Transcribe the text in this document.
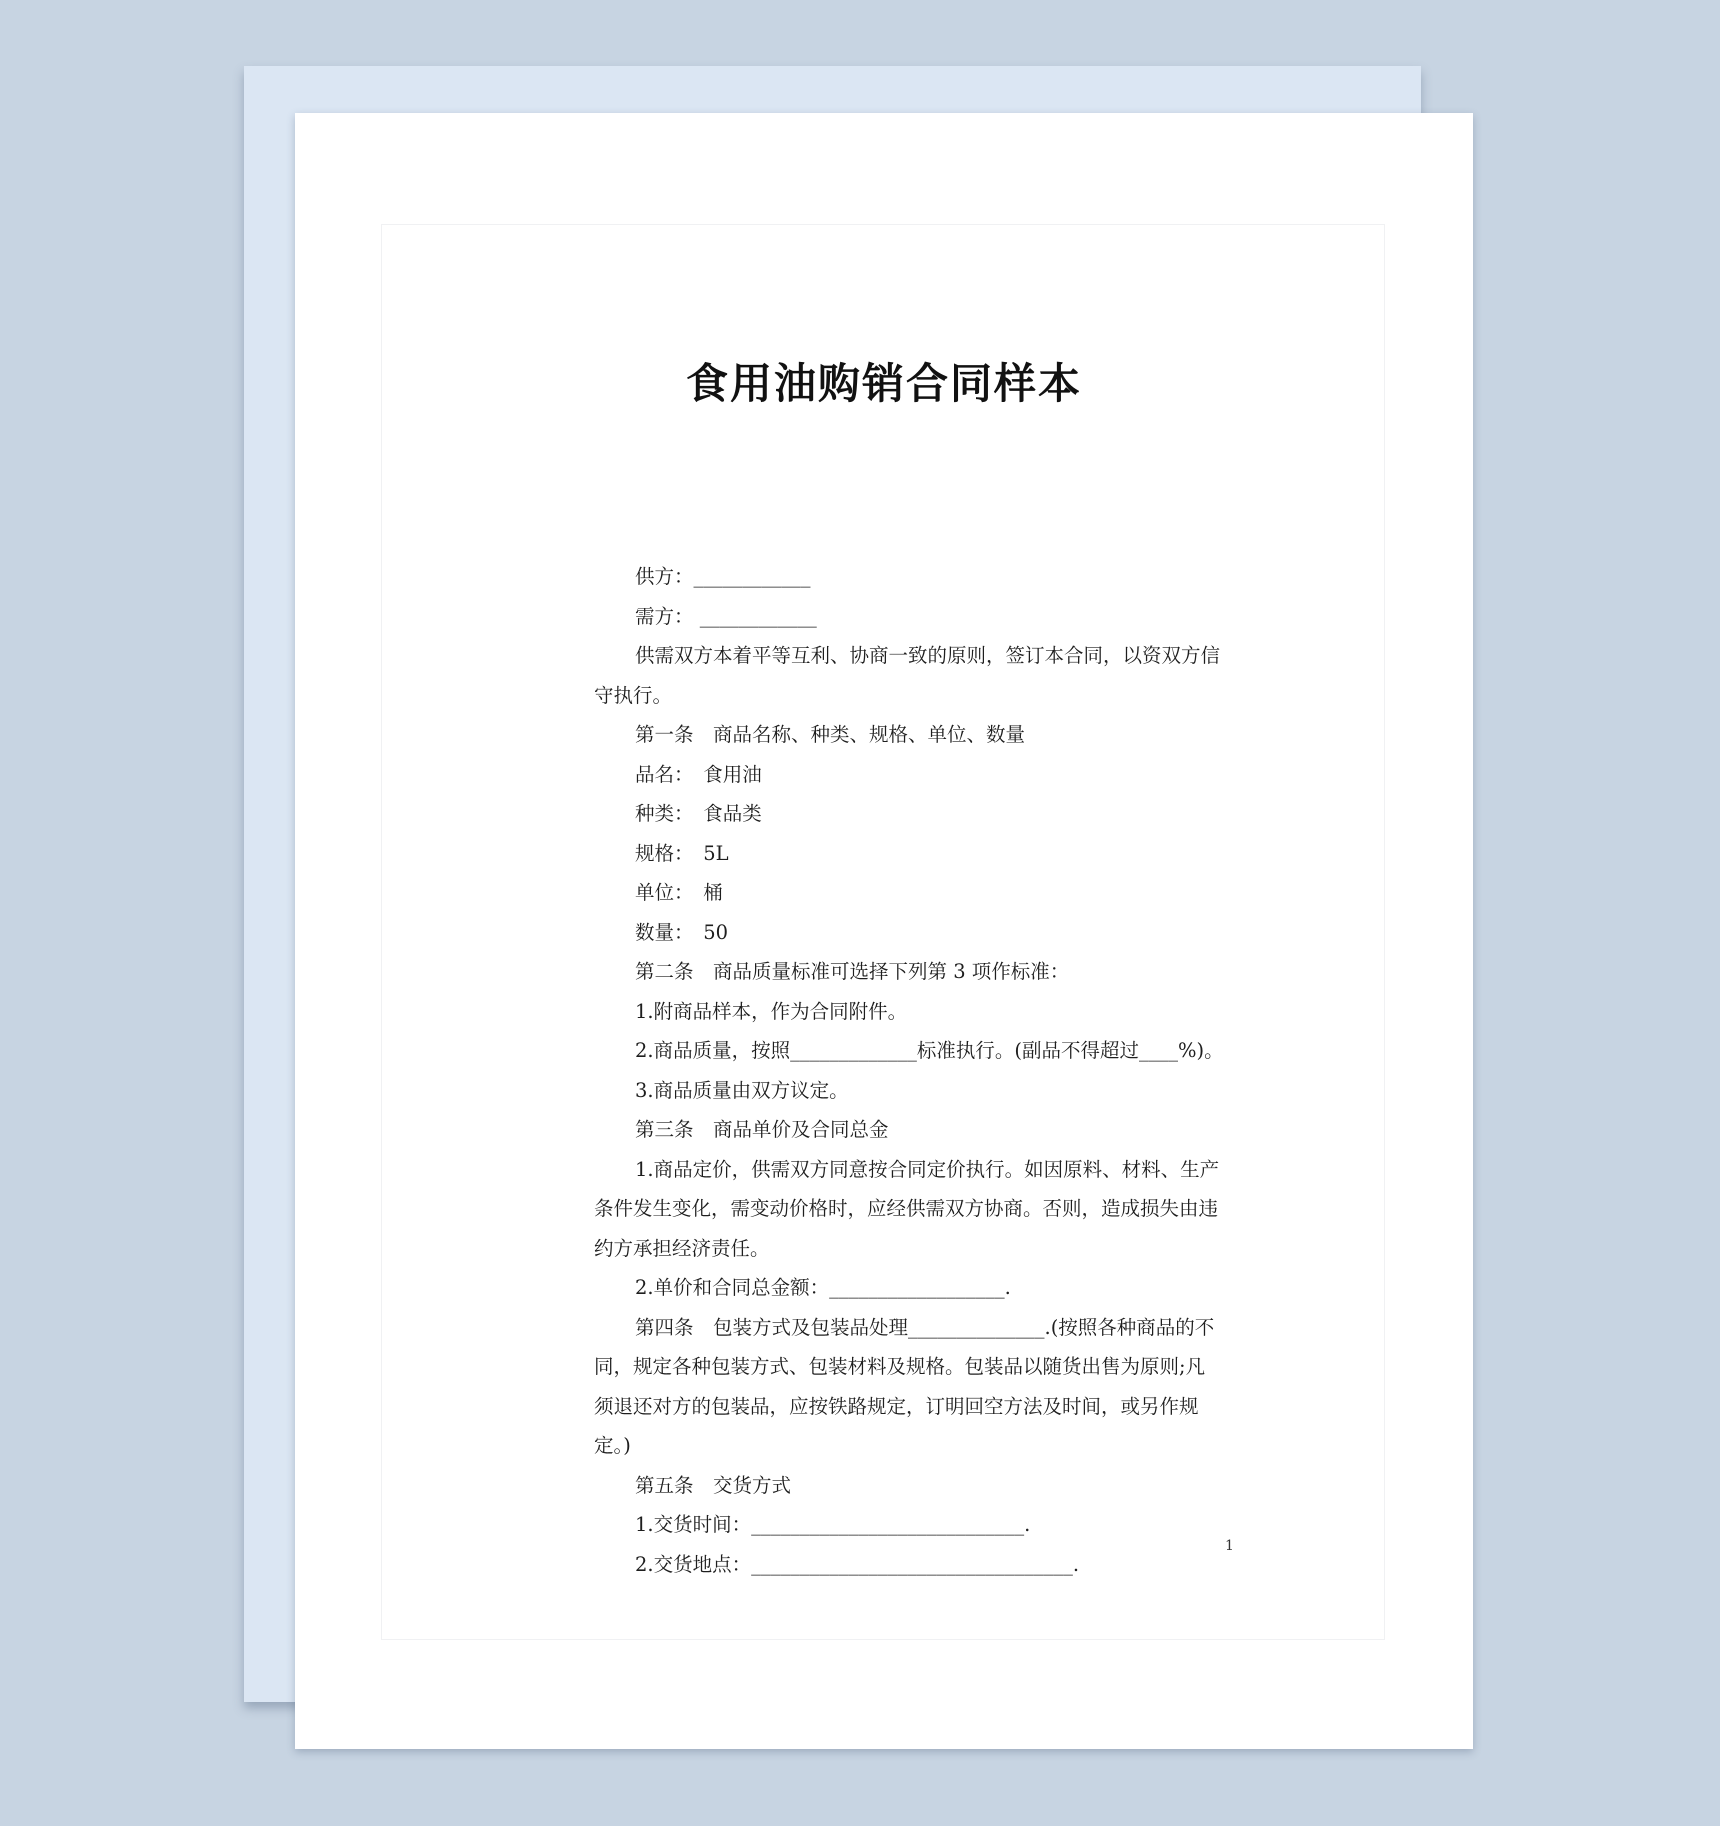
食用油购销合同样本

供方：____________

需方： ____________

供需双方本着平等互利、协商一致的原则，签订本合同，以资双方信守执行。

第一条　商品名称、种类、规格、单位、数量

品名：　食用油

种类：　食品类

规格：　5L

单位：　桶

数量：　50

第二条　商品质量标准可选择下列第 3 项作标准：

1.附商品样本，作为合同附件。

2.商品质量，按照_____________标准执行。(副品不得超过____%)。

3.商品质量由双方议定。

第三条　商品单价及合同总金

1.商品定价，供需双方同意按合同定价执行。如因原料、材料、生产条件发生变化，需变动价格时，应经供需双方协商。否则，造成损失由违约方承担经济责任。

2.单价和合同总金额：__________________.

第四条　包装方式及包装品处理______________.(按照各种商品的不同，规定各种包装方式、包装材料及规格。包装品以随货出售为原则;凡须退还对方的包装品，应按铁路规定，订明回空方法及时间，或另作规定。)

第五条　交货方式

1.交货时间：____________________________.

2.交货地点：_________________________________.

1
